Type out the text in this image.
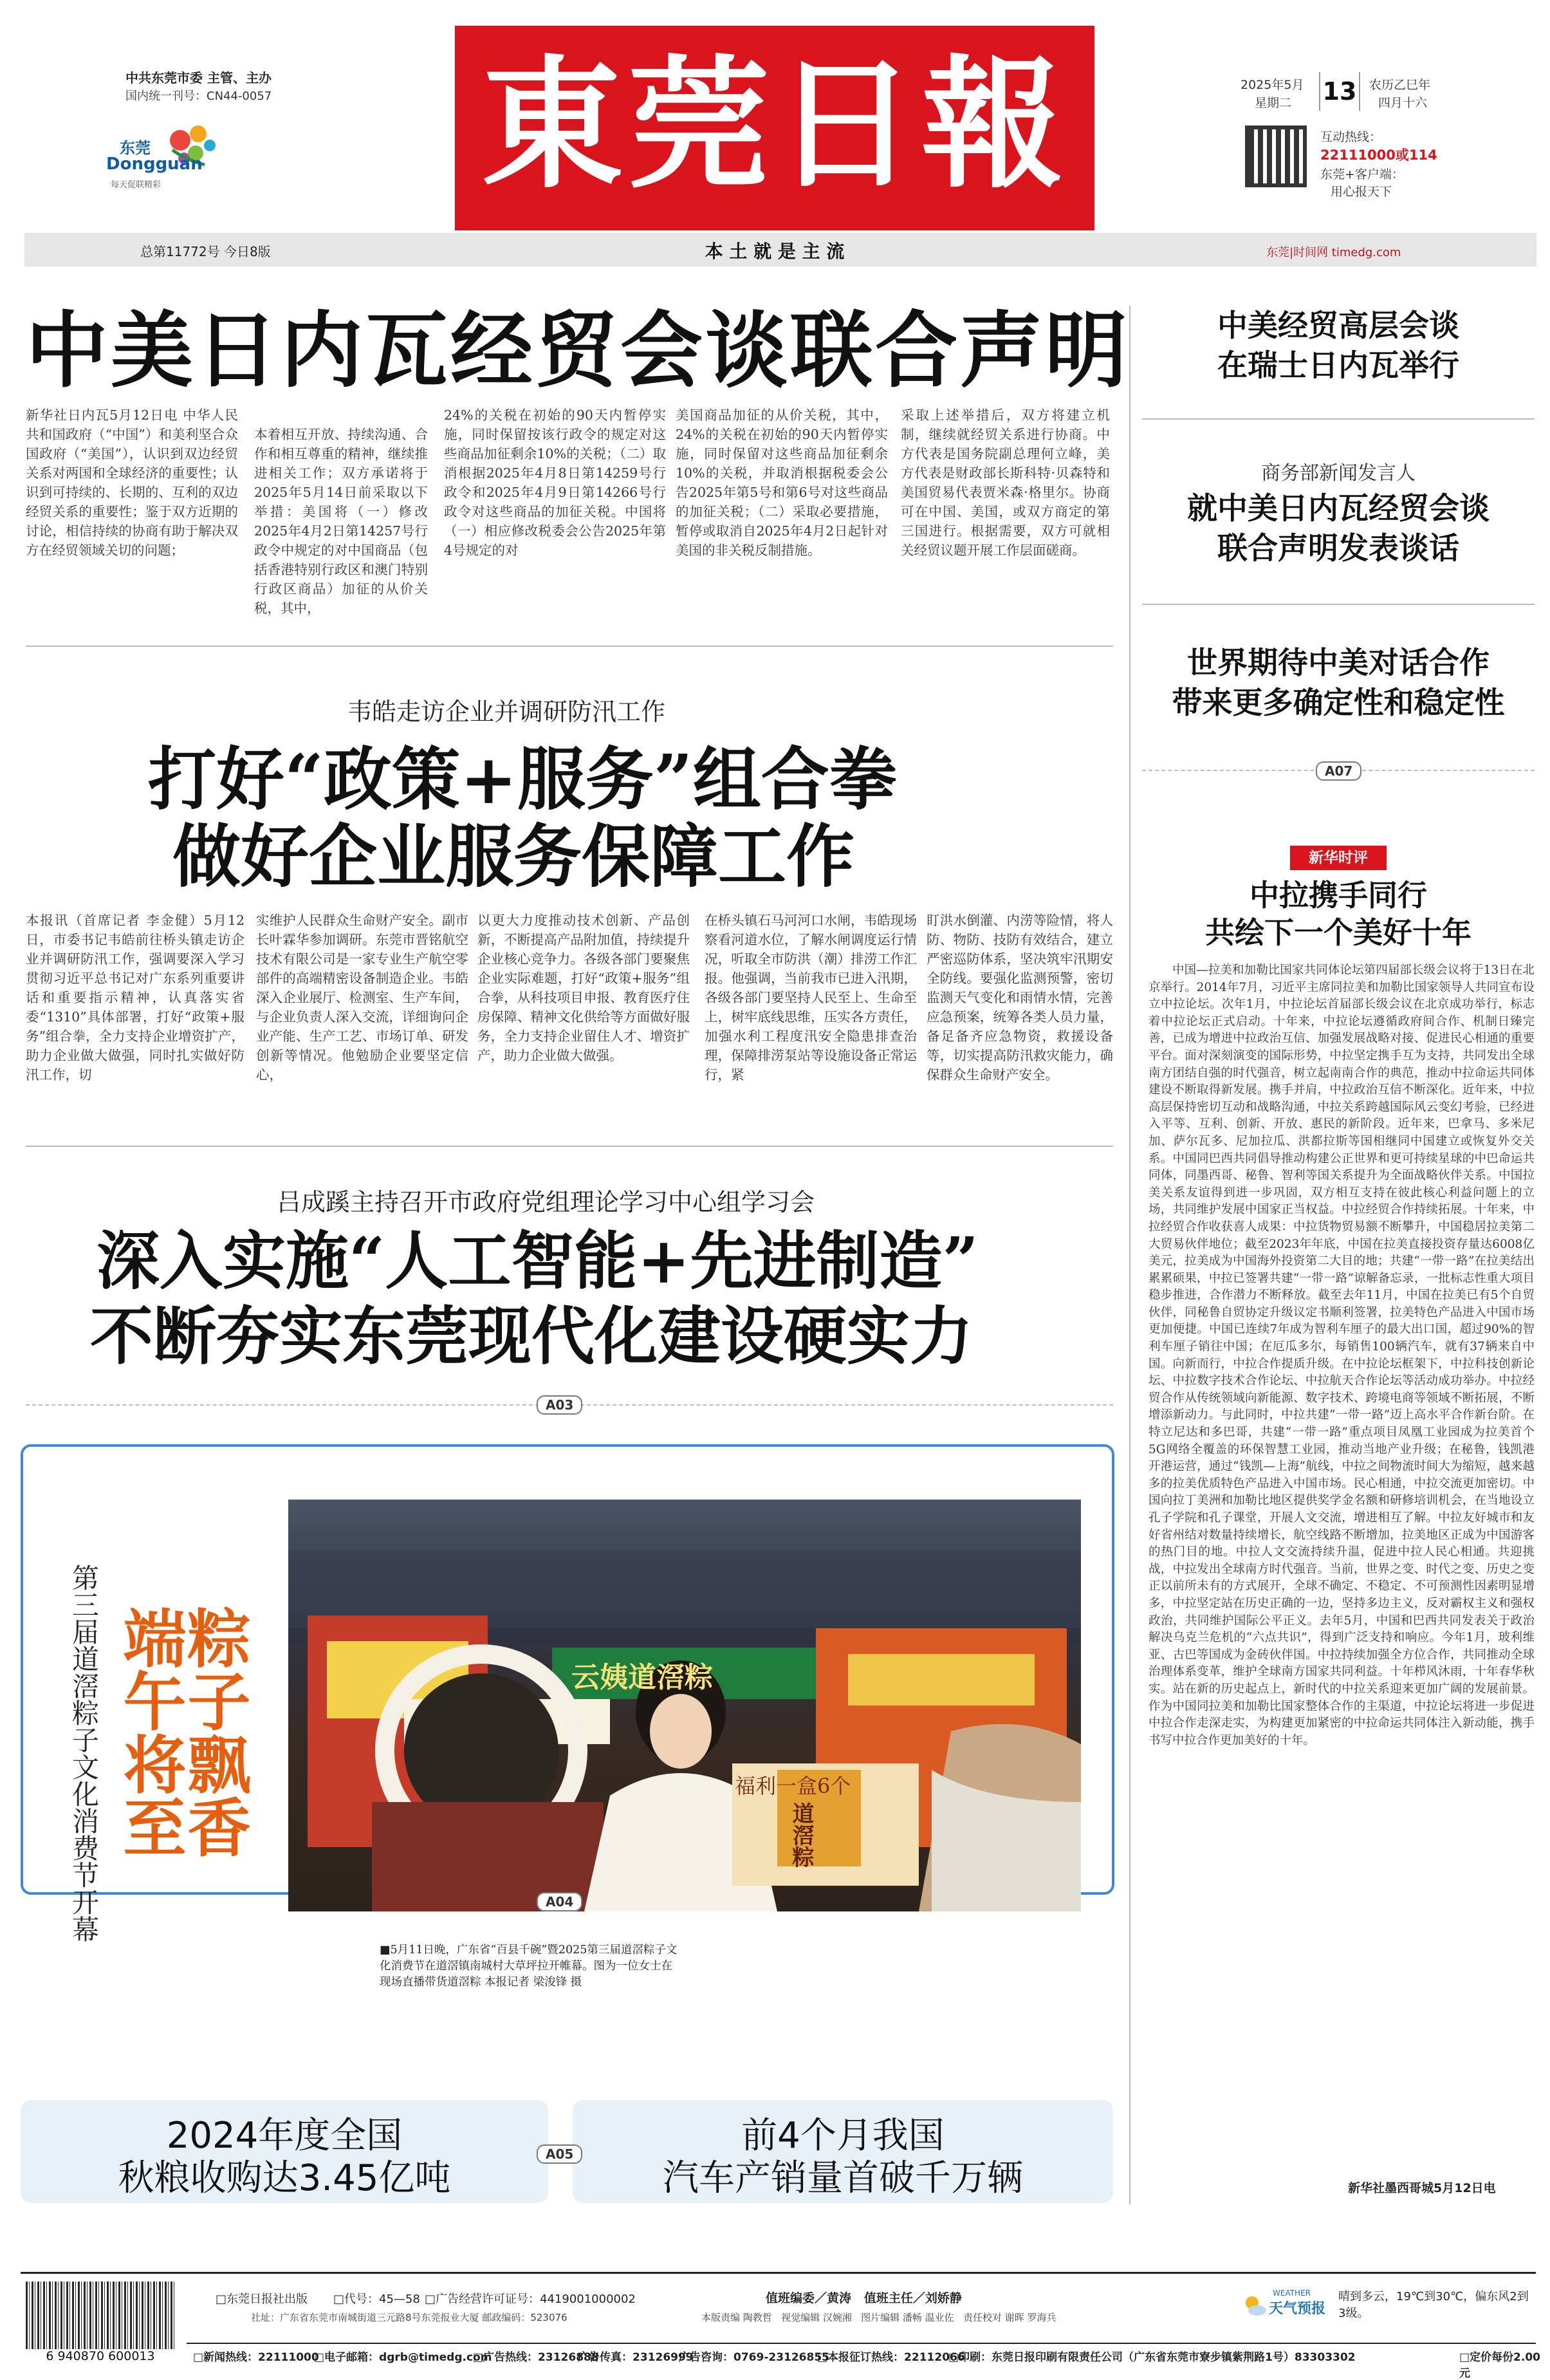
中共东莞市委 主管、主办
国内统一刊号：CN44-0057
东莞
Dongguan
每天促联精彩 東莞日報	2025年5月
星期二 13 农历乙巳年
四月十六
互动热线：
22111000或114
东莞+客户端：
用心报天下
总第11772号 今日8版	本 土 就 是 主 流	东莞|时间网 timedg.com
中美日内瓦经贸会谈联合声明
新华社日内瓦5月12日电 中华人民共和国政府（“中国”）和美利坚合众国政府（“美国”），认识到双边经贸关系对两国和全球经济的重要性；认识到可持续的、长期的、互利的双边经贸关系的重要性；鉴于双方近期的讨论，相信持续的协商有助于解决双方在经贸领域关切的问题；
本着相互开放、持续沟通、合作和相互尊重的精神，继续推进相关工作；双方承诺将于2025年5月14日前采取以下举措：美国将（一）修改2025年4月2日第14257号行政令中规定的对中国商品（包括香港特别行政区和澳门特别行政区商品）加征的从价关税，其中，
24%的关税在初始的90天内暂停实施，同时保留按该行政令的规定对这些商品加征剩余10%的关税；（二）取消根据2025年4月8日第14259号行政令和2025年4月9日第14266号行政令对这些商品的加征关税。中国将（一）相应修改税委会公告2025年第4号规定的对
美国商品加征的从价关税，其中，24%的关税在初始的90天内暂停实施，同时保留对这些商品加征剩余10%的关税，并取消根据税委会公告2025年第5号和第6号对这些商品的加征关税；（二）采取必要措施，暂停或取消自2025年4月2日起针对美国的非关税反制措施。
采取上述举措后，双方将建立机制，继续就经贸关系进行协商。中方代表是国务院副总理何立峰，美方代表是财政部长斯科特·贝森特和美国贸易代表贾米森·格里尔。协商可在中国、美国，或双方商定的第三国进行。根据需要，双方可就相关经贸议题开展工作层面磋商。
韦皓走访企业并调研防汛工作
打好“政策+服务”组合拳
做好企业服务保障工作
本报讯（首席记者 李金健）5月12日，市委书记韦皓前往桥头镇走访企业并调研防汛工作，强调要深入学习贯彻习近平总书记对广东系列重要讲话和重要指示精神，认真落实省委“1310”具体部署，打好“政策+服务”组合拳，全力支持企业增资扩产，助力企业做大做强，同时扎实做好防汛工作，切
实维护人民群众生命财产安全。副市长叶霖华参加调研。东莞市晋铭航空技术有限公司是一家专业生产航空零部件的高端精密设备制造企业。韦皓深入企业展厅、检测室、生产车间，与企业负责人深入交流，详细询问企业产能、生产工艺、市场订单、研发创新等情况。他勉励企业要坚定信心，
以更大力度推动技术创新、产品创新，不断提高产品附加值，持续提升企业核心竞争力。各级各部门要聚焦企业实际难题，打好“政策+服务”组合拳，从科技项目申报、教育医疗住房保障、精神文化供给等方面做好服务，全力支持企业留住人才、增资扩产，助力企业做大做强。
在桥头镇石马河河口水闸，韦皓现场察看河道水位，了解水闸调度运行情况，听取全市防洪（潮）排涝工作汇报。他强调，当前我市已进入汛期，各级各部门要坚持人民至上、生命至上，树牢底线思维，压实各方责任，加强水利工程度汛安全隐患排查治理，保障排涝泵站等设施设备正常运行，紧
盯洪水倒灌、内涝等险情，将人防、物防、技防有效结合，建立严密巡防体系，坚决筑牢汛期安全防线。要强化监测预警，密切监测天气变化和雨情水情，完善应急预案，统筹各类人员力量，备足备齐应急物资，救援设备等，切实提高防汛救灾能力，确保群众生命财产安全。
吕成蹊主持召开市政府党组理论学习中心组学习会
深入实施“人工智能+先进制造”
不断夯实东莞现代化建设硬实力
A03
第三届道滘粽子文化消费节开幕 粽子飘香
端午将至	云姨道滘粽
福利一盒6个
道滘粽
■5月11日晚，广东省“百县千碗”暨2025第三届道滘粽子文化消费节在道滘镇南城村大草坪拉开帷幕。图为一位女士在现场直播带货道滘粽 本报记者 梁浚锋 摄
A04
2024年度全国
秋粮收购达3.45亿吨
前4个月我国
汽车产销量首破千万辆
A05
中美经贸高层会谈
在瑞士日内瓦举行
商务部新闻发言人
就中美日内瓦经贸会谈
联合声明发表谈话
世界期待中美对话合作
带来更多确定性和稳定性
A07
新华时评
中拉携手同行
共绘下一个美好十年
中国—拉美和加勒比国家共同体论坛第四届部长级会议将于13日在北京举行。2014年7月，习近平主席同拉美和加勒比国家领导人共同宣布设立中拉论坛。次年1月，中拉论坛首届部长级会议在北京成功举行，标志着中拉论坛正式启动。十年来，中拉论坛遵循政府间合作、机制日臻完善，已成为增进中拉政治互信、加强发展战略对接、促进民心相通的重要平台。面对深刻演变的国际形势，中拉坚定携手互为支持，共同发出全球南方团结自强的时代强音，树立起南南合作的典范，推动中拉命运共同体建设不断取得新发展。携手并肩，中拉政治互信不断深化。近年来，中拉高层保持密切互动和战略沟通，中拉关系跨越国际风云变幻考验，已经进入平等、互利、创新、开放、惠民的新阶段。近年来，巴拿马、多米尼加、萨尔瓦多、尼加拉瓜、洪都拉斯等国相继同中国建立或恢复外交关系。中国同巴西共同倡导推动构建公正世界和更可持续星球的中巴命运共同体，同墨西哥、秘鲁、智利等国关系提升为全面战略伙伴关系。中国拉美关系友谊得到进一步巩固，双方相互支持在彼此核心利益问题上的立场，共同维护发展中国家正当权益。中拉经贸合作持续拓展。十年来，中拉经贸合作收获喜人成果：中拉货物贸易额不断攀升，中国稳居拉美第二大贸易伙伴地位；截至2023年年底，中国在拉美直接投资存量达6008亿美元，拉美成为中国海外投资第二大目的地；共建“一带一路”在拉美结出累累硕果，中拉已签署共建“一带一路”谅解备忘录，一批标志性重大项目稳步推进，合作潜力不断释放。截至去年11月，中国在拉美已有5个自贸伙伴，同秘鲁自贸协定升级议定书顺利签署，拉美特色产品进入中国市场更加便捷。中国已连续7年成为智利车厘子的最大出口国，超过90%的智利车厘子销往中国；在厄瓜多尔，每销售100辆汽车，就有37辆来自中国。向新而行，中拉合作提质升级。在中拉论坛框架下，中拉科技创新论坛、中拉数字技术合作论坛、中拉航天合作论坛等活动成功举办。中拉经贸合作从传统领域向新能源、数字技术、跨境电商等领域不断拓展，不断增添新动力。与此同时，中拉共建“一带一路”迈上高水平合作新台阶。在特立尼达和多巴哥，共建“一带一路”重点项目凤凰工业园成为拉美首个5G网络全覆盖的环保智慧工业园，推动当地产业升级；在秘鲁，钱凯港开港运营，通过“钱凯—上海”航线，中拉之间物流时间大为缩短，越来越多的拉美优质特色产品进入中国市场。民心相通，中拉交流更加密切。中国向拉丁美洲和加勒比地区提供奖学金名额和研修培训机会，在当地设立孔子学院和孔子课堂，开展人文交流，增进相互了解。中拉友好城市和友好省州结对数量持续增长，航空线路不断增加，拉美地区正成为中国游客的热门目的地。中拉人文交流持续升温，促进中拉人民心相通。共迎挑战，中拉发出全球南方时代强音。当前，世界之变、时代之变、历史之变正以前所未有的方式展开，全球不确定、不稳定、不可预测性因素明显增多，中拉坚定站在历史正确的一边，坚持多边主义，反对霸权主义和强权政治，共同维护国际公平正义。去年5月，中国和巴西共同发表关于政治解决乌克兰危机的“六点共识”，得到广泛支持和响应。今年1月，玻利维亚、古巴等国成为金砖伙伴国。中拉持续加强全方位合作，共同推动全球治理体系变革，维护全球南方国家共同利益。十年栉风沐雨，十年春华秋实。站在新的历史起点上，新时代的中拉关系迎来更加广阔的发展前景。作为中国同拉美和加勒比国家整体合作的主渠道，中拉论坛将进一步促进中拉合作走深走实，为构建更加紧密的中拉命运共同体注入新动能，携手书写中拉合作更加美好的十年。
新华社墨西哥城5月12日电
6 940870 600013
□东莞日报社出版 □代号：45—58 □广告经营许可证号：4419001000002
社址：广东省东莞市南城街道三元路8号东莞报业大厦 邮政编码：523076
值班编委／黄涛   值班主任／刘娇静
本版责编 陶教哲   视觉编辑 汉婉湘   图片编辑 潘畅 温业佐   责任校对 谢晖 罗海兵
WEATHER
天气预报
晴到多云，19℃到30℃，偏东风2到3级。
□新闻热线：22111000
□电子邮箱：dgrb@timedg.com
□广告热线：23126888
广告传真：23126999
广告咨询：0769-23126855
□本报征订热线：22112066
□印刷：东莞日报印刷有限责任公司（广东省东莞市寮步镇紫荆路1号）83303302	□定价每份2.00元
